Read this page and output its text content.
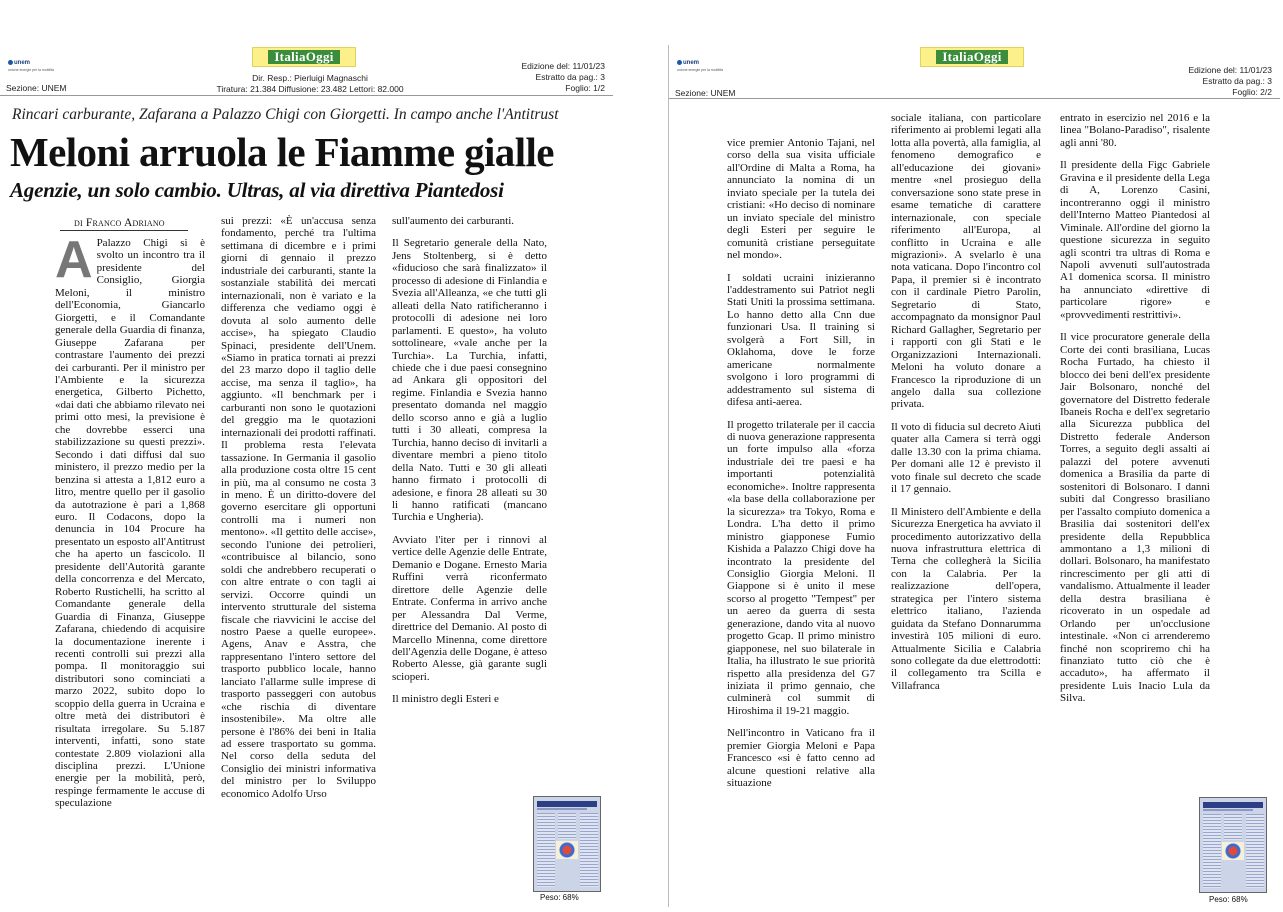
unem
unione energie per la mobilità
ItaliaOggi
Dir. Resp.: Pierluigi Magnaschi
Tiratura: 21.384 Diffusione: 23.482 Lettori: 82.000
Sezione: UNEM
Edizione del: 11/01/23
Estratto da pag.: 3
Foglio: 1/2
Rincari carburante, Zafarana a Palazzo Chigi con Giorgetti. In campo anche l'Antitrust
Meloni arruola le Fiamme gialle
Agenzie, un solo cambio. Ultras, al via direttiva Piantedosi
di Franco Adriano
A Palazzo Chigi si è svolto un incontro tra il presidente del Consiglio, Giorgia Meloni, il ministro dell'Economia, Giancarlo Giorgetti, e il Comandante generale della Guardia di finanza, Giuseppe Zafarana per contrastare l'aumento dei prezzi dei carburanti. Per il ministro per l'Ambiente e la sicurezza energetica, Gilberto Pichetto, «dai dati che abbiamo rilevato nei primi otto mesi, la previsione è che dovrebbe esserci una stabilizzazione su questi prezzi». Secondo i dati diffusi dal suo ministero, il prezzo medio per la benzina si attesta a 1,812 euro a litro, mentre quello per il gasolio da autotrazione è pari a 1,868 euro. Il Codacons, dopo la denuncia in 104 Procure ha presentato un esposto all'Antitrust che ha aperto un fascicolo. Il presidente dell'Autorità garante della concorrenza e del Mercato, Roberto Rustichelli, ha scritto al Comandante generale della Guardia di Finanza, Giuseppe Zafarana, chiedendo di acquisire la documentazione inerente i recenti controlli sui prezzi alla pompa. Il monitoraggio sui distributori sono cominciati a marzo 2022, subito dopo lo scoppio della guerra in Ucraina e oltre metà dei distributori è risultata irregolare. Su 5.187 interventi, infatti, sono state contestate 2.809 violazioni alla disciplina prezzi. L'Unione energie per la mobilità, però, respinge fermamente le accuse di speculazione

sui prezzi: «È un'accusa senza fondamento, perché tra l'ultima settimana di dicembre e i primi giorni di gennaio il prezzo industriale dei carburanti, stante la sostanziale stabilità dei mercati internazionali, non è variato e la differenza che vediamo oggi è dovuta al solo aumento delle accise», ha spiegato Claudio Spinaci, presidente dell'Unem. «Siamo in pratica tornati ai prezzi del 23 marzo dopo il taglio delle accise, ma senza il taglio», ha aggiunto. «Il benchmark per i carburanti non sono le quotazioni del greggio ma le quotazioni internazionali dei prodotti raffinati. Il problema resta l'elevata tassazione. In Germania il gasolio alla produzione costa oltre 15 cent in più, ma al consumo ne costa 3 in meno. È un diritto-dovere del governo esercitare gli opportuni controlli ma i numeri non mentono». «Il gettito delle accise», secondo l'unione dei petrolieri, «contribuisce al bilancio, sono soldi che andrebbero recuperati o con altre entrate o con tagli ai servizi. Occorre quindi un intervento strutturale del sistema fiscale che riavvicini le accise del nostro Paese a quelle europee». Agens, Anav e Asstra, che rappresentano l'intero settore del trasporto pubblico locale, hanno lanciato l'allarme sulle imprese di trasporto passeggeri con autobus «che rischia di diventare insostenibile». Ma oltre alle persone è l'86% dei beni in Italia ad essere trasportato su gomma. Nel corso della seduta del Consiglio dei ministri informativa del ministro per lo Sviluppo economico Adolfo Urso

sull'aumento dei carburanti.

Il Segretario generale della Nato, Jens Stoltenberg, si è detto «fiducioso che sarà finalizzato» il processo di adesione di Finlandia e Svezia all'Alleanza, «e che tutti gli alleati della Nato ratificheranno i protocolli di adesione nei loro parlamenti. E questo», ha voluto sottolineare, «vale anche per la Turchia». La Turchia, infatti, chiede che i due paesi consegnino ad Ankara gli oppositori del regime. Finlandia e Svezia hanno presentato domanda nel maggio dello scorso anno e già a luglio tutti i 30 alleati, compresa la Turchia, hanno deciso di invitarli a diventare membri a pieno titolo della Nato. Tutti e 30 gli alleati hanno firmato i protocolli di adesione, e finora 28 alleati su 30 li hanno ratificati (mancano Turchia e Ungheria).

Avviato l'iter per i rinnovi al vertice delle Agenzie delle Entrate, Demanio e Dogane. Ernesto Maria Ruffini verrà riconfermato direttore delle Agenzie delle Entrate. Conferma in arrivo anche per Alessandra Dal Verme, direttrice del Demanio. Al posto di Marcello Minenna, come direttore dell'Agenzia delle Dogane, è atteso Roberto Alesse, già garante sugli scioperi.

Il ministro degli Esteri e

Peso: 68%
unem
unione energie per la mobilità
ItaliaOggi
Sezione: UNEM
Edizione del: 11/01/23
Estratto da pag.: 3
Foglio: 2/2

vice premier Antonio Tajani, nel corso della sua visita ufficiale all'Ordine di Malta a Roma, ha annunciato la nomina di un inviato speciale per la tutela dei cristiani: «Ho deciso di nominare un inviato speciale del ministro degli Esteri per seguire le comunità cristiane perseguitate nel mondo».

I soldati ucraini inizieranno l'addestramento sui Patriot negli Stati Uniti la prossima settimana. Lo hanno detto alla Cnn due funzionari Usa. Il training si svolgerà a Fort Sill, in Oklahoma, dove le forze americane normalmente svolgono i loro programmi di addestramento sul sistema di difesa anti-aerea.

Il progetto trilaterale per il caccia di nuova generazione rappresenta un forte impulso alla «forza industriale dei tre paesi e ha importanti potenzialità economiche». Inoltre rappresenta «la base della collaborazione per la sicurezza» tra Tokyo, Roma e Londra. L'ha detto il primo ministro giapponese Fumio Kishida a Palazzo Chigi dove ha incontrato la presidente del Consiglio Giorgia Meloni. Il Giappone si è unito il mese scorso al progetto "Tempest" per un aereo da guerra di sesta generazione, dando vita al nuovo progetto Gcap. Il primo ministro giapponese, nel suo bilaterale in Italia, ha illustrato le sue priorità rispetto alla presidenza del G7 iniziata il primo gennaio, che culminerà col summit di Hiroshima il 19-21 maggio.

Nell'incontro in Vaticano fra il premier Giorgia Meloni e Papa Francesco «si è fatto cenno ad alcune questioni relative alla situazione

sociale italiana, con particolare riferimento ai problemi legati alla lotta alla povertà, alla famiglia, al fenomeno demografico e all'educazione dei giovani» mentre «nel prosieguo della conversazione sono state prese in esame tematiche di carattere internazionale, con speciale riferimento all'Europa, al conflitto in Ucraina e alle migrazioni». A svelarlo è una nota vaticana. Dopo l'incontro col Papa, il premier si è incontrato con il cardinale Pietro Parolin, Segretario di Stato, accompagnato da monsignor Paul Richard Gallagher, Segretario per i rapporti con gli Stati e le Organizzazioni Internazionali. Meloni ha voluto donare a Francesco la riproduzione di un angelo dalla sua collezione privata.

Il voto di fiducia sul decreto Aiuti quater alla Camera si terrà oggi dalle 13.30 con la prima chiama. Per domani alle 12 è previsto il voto finale sul decreto che scade il 17 gennaio.

Il Ministero dell'Ambiente e della Sicurezza Energetica ha avviato il procedimento autorizzativo della nuova infrastruttura elettrica di Terna che collegherà la Sicilia con la Calabria. Per la realizzazione dell'opera, strategica per l'intero sistema elettrico italiano, l'azienda guidata da Stefano Donnarumma investirà 105 milioni di euro. Attualmente Sicilia e Calabria sono collegate da due elettrodotti: il collegamento tra Scilla e Villafranca

entrato in esercizio nel 2016 e la linea "Bolano-Paradiso", risalente agli anni '80.

Il presidente della Figc Gabriele Gravina e il presidente della Lega di A, Lorenzo Casini, incontreranno oggi il ministro dell'Interno Matteo Piantedosi al Viminale. All'ordine del giorno la questione sicurezza in seguito agli scontri tra ultras di Roma e Napoli avvenuti sull'autostrada A1 domenica scorsa. Il ministro ha annunciato «direttive di particolare rigore» e «provvedimenti restrittivi».

Il vice procuratore generale della Corte dei conti brasiliana, Lucas Rocha Furtado, ha chiesto il blocco dei beni dell'ex presidente Jair Bolsonaro, nonché del governatore del Distretto federale Ibaneis Rocha e dell'ex segretario alla Sicurezza pubblica del Distretto federale Anderson Torres, a seguito degli assalti ai palazzi del potere avvenuti domenica a Brasilia da parte di sostenitori di Bolsonaro. I danni subiti dal Congresso brasiliano per l'assalto compiuto domenica a Brasilia dai sostenitori dell'ex presidente della Repubblica ammontano a 1,3 milioni di dollari. Bolsonaro, ha manifestato rincrescimento per gli atti di vandalismo. Attualmente il leader della destra brasiliana è ricoverato in un ospedale ad Orlando per un'occlusione intestinale. «Non ci arrenderemo finché non scopriremo chi ha finanziato tutto ciò che è accaduto», ha affermato il presidente Luis Inacio Lula da Silva.

Peso: 68%
